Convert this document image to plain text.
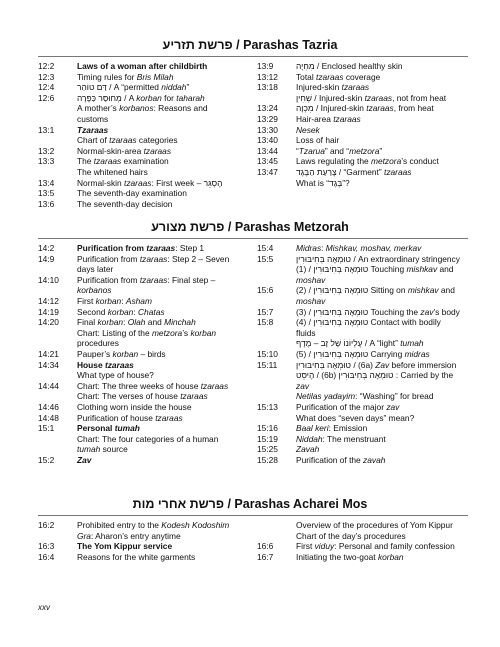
פרשת תזריע / Parashas Tazria
12:2	Laws of a woman after childbirth
12:3	Timing rules for Bris Milah
12:4	דַּם טוֹהַר / A “permitted niddah”
12:6	מְחוּסַּר כַּפָּרָה / A korban for taharah
A mother’s korbanos: Reasons and customs
13:1	Tzaraas
Chart of tzaraas categories
13:2	Normal-skin-area tzaraas
13:3	The tzaraas examination
The whitened hairs
13:4	Normal-skin tzaraas: First week – הֶסְגֵּר
13:5	The seventh-day examination
13:6	The seventh-day decision
13:9	מִחְיָה / Enclosed healthy skin
13:12	Total tzaraas coverage
13:18	Injured-skin tzaraas
שְׁחִין / Injured-skin tzaraas, not from heat
13:24	מִכְוָה / Injured-skin tzaraas, from heat
13:29	Hair-area tzaraas
13:30	Nesek
13:40	Loss of hair
13:44	“Tzarua” and “metzora”
13:45	Laws regulating the metzora’s conduct
13:47	צָרַעַת הַבֶּגֶד / “Garment” tzaraas
What is “בֶּגֶד”?
פרשת מצורע / Parashas Metzorah
14:2	Purification from tzaraas: Step 1
14:9	Purification from tzaraas: Step 2 – Seven days later
14:10	Purification from tzaraas: Final step – korbanos
14:12	First korban: Asham
14:19	Second korban: Chatas
14:20	Final korban: Olah and Minchah
Chart: Listing of the metzora’s korban procedures
14:21	Pauper’s korban – birds
14:34	House tzaraas
What type of house?
14:44	Chart: The three weeks of house tzaraas
Chart: The verses of house tzaraas
14:46	Clothing worn inside the house
14:48	Purification of house tzaraas
15:1	Personal tumah
Chart: The four categories of a human tumah source
15:2	Zav
15:4	Midras: Mishkav, moshav, merkav
15:5	טוּמְאָה בְּחִיבּוּרִין / An extraordinary stringency
טוּמְאָה בְּחִיבּוּרִין / (1) Touching mishkav and moshav
15:6	טוּמְאָה בְּחִיבּוּרִין / (2) Sitting on mishkav and moshav
15:7	טוּמְאָה בְּחִיבּוּרִין / (3) Touching the zav’s body
15:8	טוּמְאָה בְּחִיבּוּרִין / (4) Contact with bodily fluids
עֶלְיוֹנוֹ שֶׁל זָב – מֶדָף / A “light” tumah
15:10	טוּמְאָה בְּחִיבּוּרִין / (5) Carrying midras
15:11	טוּמְאָה בְּחִיבּוּרִין / (6a) Zav before immersion
הֶיסֵּט / (6b) טוּמְאָה בְּחִיבּוּרִין : Carried by the zav
Netilas yadayim: “Washing” for bread
15:13	Purification of the major zav
What does “seven days” mean?
15:16	Baal keri: Emission
15:19	Niddah: The menstruant
15:25	Zavah
15:28	Purification of the zavah
פרשת אחרי מות / Parashas Acharei Mos
16:2	Prohibited entry to the Kodesh Kodoshim
Gra: Aharon’s entry anytime
16:3	The Yom Kippur service
16:4	Reasons for the white garments
Overview of the procedures of Yom Kippur
Chart of the day’s procedures
16:6	First viduy: Personal and family confession
16:7	Initiating the two-goat korban
xxv
